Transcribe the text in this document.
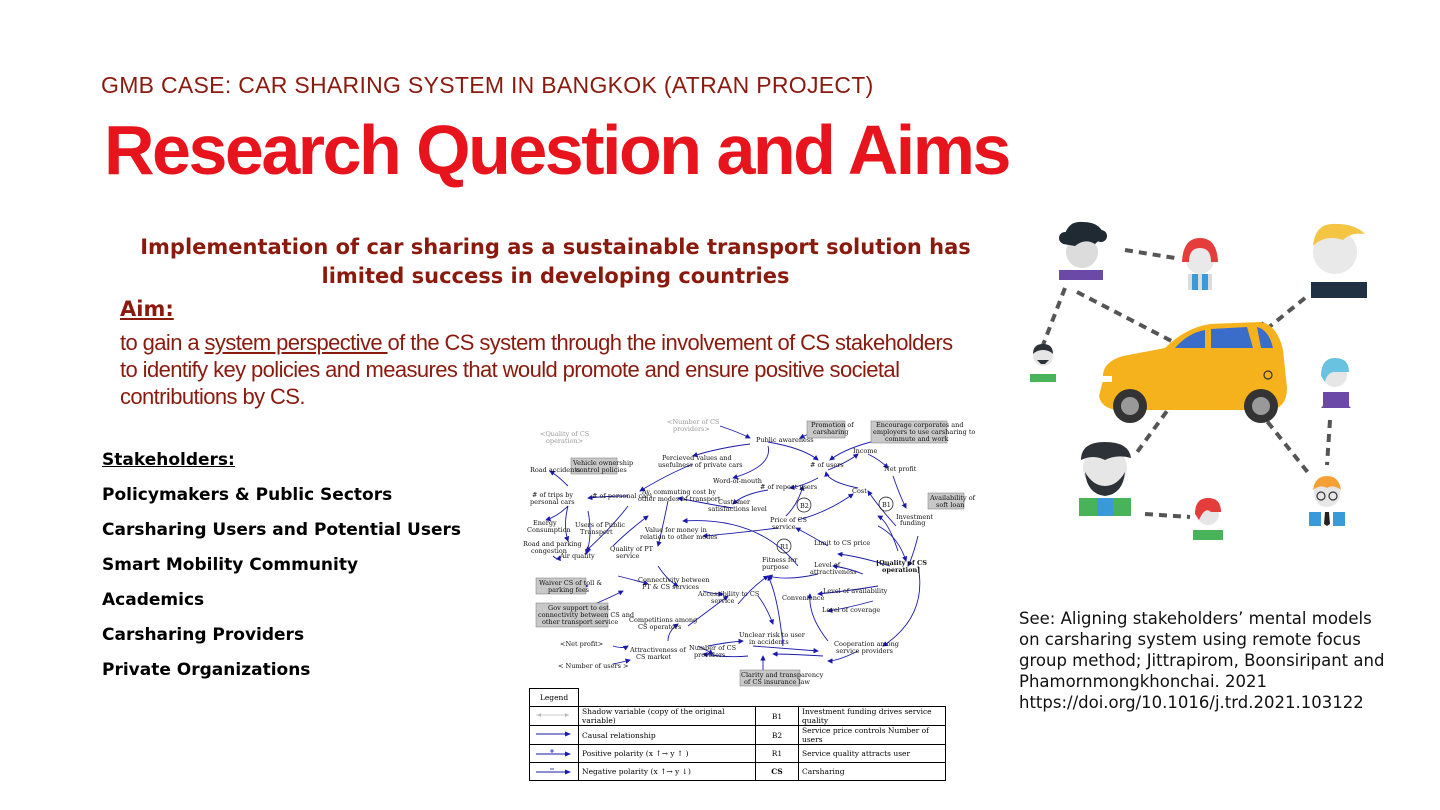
GMB CASE: CAR SHARING SYSTEM IN BANGKOK (ATRAN PROJECT)
Research Question and Aims
Implementation of car sharing as a sustainable transport solution has limited success in developing countries
Aim:
to gain a system perspective of the CS system through the involvement of CS stakeholders
to identify key policies and measures that would promote and ensure positive societal contributions by CS.
Stakeholders:
Policymakers & Public Sectors
Carsharing Users and Potential Users
Smart Mobility Community
Academics
Carsharing Providers
Private Organizations
See: Aligning stakeholders’ mental models
on carsharing system using remote focus
group method; Jittrapirom, Boonsiripant and
Phamornmongkhonchai. 2021
https://doi.org/10.1016/j.trd.2021.103122
<Quality of CS
operation>
<Number of CS
providers>
<Net profit>
< Number of users >
Promotion of
carsharing
Encourage corporates and
employers to use carsharing to
commute and work
Vehicle ownership
control policies
Availability of
soft loan
Waiver CS of toll &
parking fees
Gov support to est.
connectivity between CS and
other transport service
Clarity and transparency
of CS insurance law
Public awareness
Percieved values and
usefulness of private cars	# of users
Income
Net profit
Road accidents
Word-of-mouth
# of trips by
personal cars
# of personal cars
Av. commuting cost by
other modes of transport
# of repeat users
Customer
satisfactions level
Cost
Investment
funding
Energy
Consumption
Users of Public
Transport	Value for money in
relation to other modes
Price of CS
service
Road and parking
congestion
Air quality
Quality of PT
service
Limit to CS price
Fitness for
purpose	[Quality of CS
operation]
Level of
attractiveness
Connectivity between
PT & CS services
Accessibility to CS
service
Level of availability
Convenience
Level of coverage
Competitions among
CS operators
Unclear risk to user
in accidents	Cooperation among
service providers
Attractiveness of
CS market
Number of CS
providers
B2	B1
R1
Legend			
	Shadow variable (copy of the original variable)	B1	Investment funding drives service quality
	Causal relationship	B2	Service price controls Number of users
	Positive polarity (x ↑→ y ↑ )	R1	Service quality attracts user
	Negative polarity (x ↑→ y ↓)	CS	Carsharing
